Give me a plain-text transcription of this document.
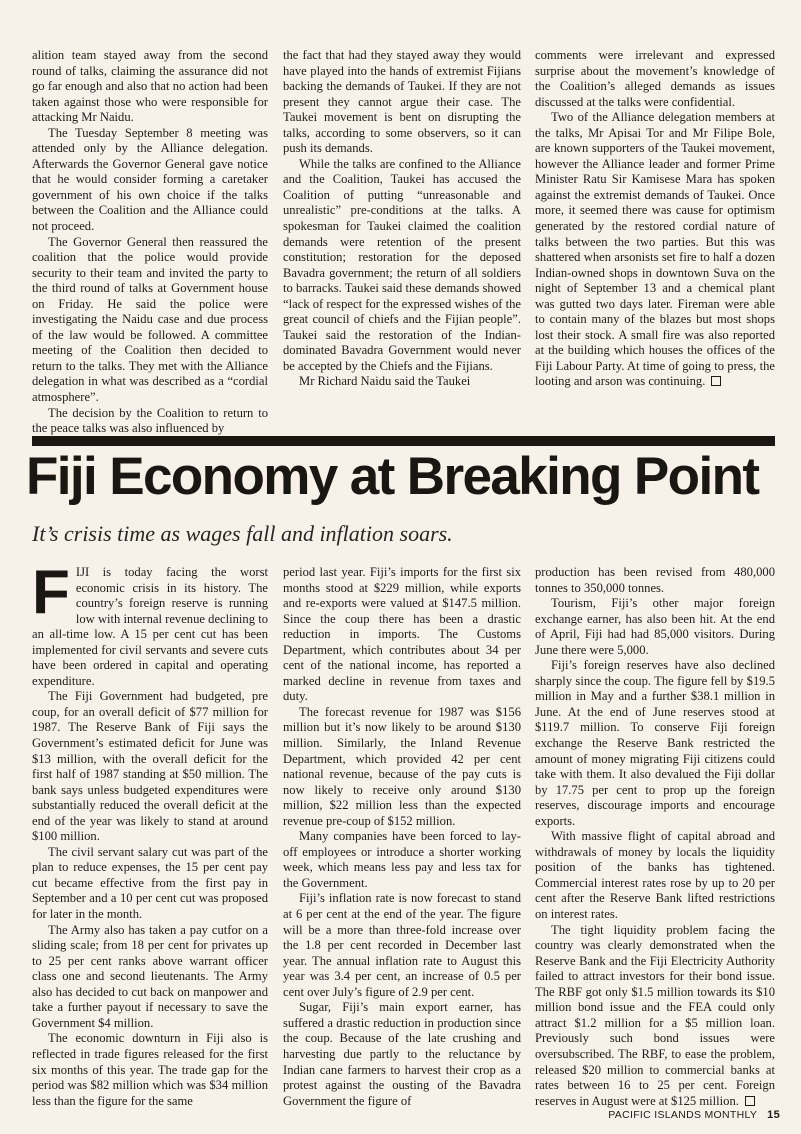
alition team stayed away from the second round of talks, claiming the assurance did not go far enough and also that no action had been taken against those who were responsible for attacking Mr Naidu.

The Tuesday September 8 meeting was attended only by the Alliance delegation. Afterwards the Governor General gave notice that he would consider forming a caretaker government of his own choice if the talks between the Coalition and the Alliance could not proceed.

The Governor General then reassured the coalition that the police would provide security to their team and invited the party to the third round of talks at Government house on Friday. He said the police were investigating the Naidu case and due process of the law would be followed. A committee meeting of the Coalition then decided to return to the talks. They met with the Alliance delegation in what was described as a “cordial atmosphere”.

The decision by the Coalition to return to the peace talks was also influenced by

the fact that had they stayed away they would have played into the hands of extremist Fijians backing the demands of Taukei. If they are not present they cannot argue their case. The Taukei movement is bent on disrupting the talks, according to some observers, so it can push its demands.

While the talks are confined to the Alliance and the Coalition, Taukei has accused the Coalition of putting “unreasonable and unrealistic” pre-conditions at the talks. A spokesman for Taukei claimed the coalition demands were retention of the present constitution; restoration for the deposed Bavadra government; the return of all soldiers to barracks. Taukei said these demands showed “lack of respect for the expressed wishes of the great council of chiefs and the Fijian people”. Taukei said the restoration of the Indian-dominated Bavadra Government would never be accepted by the Chiefs and the Fijians.

Mr Richard Naidu said the Taukei

comments were irrelevant and expressed surprise about the movement’s knowledge of the Coalition’s alleged demands as issues discussed at the talks were confidential.

Two of the Alliance delegation members at the talks, Mr Apisai Tor and Mr Filipe Bole, are known supporters of the Taukei movement, however the Alliance leader and former Prime Minister Ratu Sir Kamisese Mara has spoken against the extremist demands of Taukei. Once more, it seemed there was cause for optimism generated by the restored cordial nature of talks between the two parties. But this was shattered when arsonists set fire to half a dozen Indian-owned shops in downtown Suva on the night of September 13 and a chemical plant was gutted two days later. Fireman were able to contain many of the blazes but most shops lost their stock. A small fire was also reported at the building which houses the offices of the Fiji Labour Party. At time of going to press, the looting and arson was continuing.

Fiji Economy at Breaking Point
It’s crisis time as wages fall and inflation soars.

FIJI is today facing the worst economic crisis in its history. The country’s foreign reserve is running low with internal revenue declining to an all-time low. A 15 per cent cut has been implemented for civil servants and severe cuts have been ordered in capital and operating expenditure.

The Fiji Government had budgeted, pre coup, for an overall deficit of $77 million for 1987. The Reserve Bank of Fiji says the Government’s estimated deficit for June was $13 million, with the overall deficit for the first half of 1987 standing at $50 million. The bank says unless budgeted expenditures were substantially reduced the overall deficit at the end of the year was likely to stand at around $100 million.

The civil servant salary cut was part of the plan to reduce expenses, the 15 per cent pay cut became effective from the first pay in September and a 10 per cent cut was proposed for later in the month.

The Army also has taken a pay cutfor on a sliding scale; from 18 per cent for privates up to 25 per cent ranks above warrant officer class one and second lieutenants. The Army also has decided to cut back on manpower and take a further payout if necessary to save the Government $4 million.

The economic downturn in Fiji also is reflected in trade figures released for the first six months of this year. The trade gap for the period was $82 million which was $34 million less than the figure for the same

period last year. Fiji’s imports for the first six months stood at $229 million, while exports and re-exports were valued at $147.5 million. Since the coup there has been a drastic reduction in imports. The Customs Department, which contributes about 34 per cent of the national income, has reported a marked decline in revenue from taxes and duty.

The forecast revenue for 1987 was $156 million but it’s now likely to be around $130 million. Similarly, the Inland Revenue Department, which provided 42 per cent national revenue, because of the pay cuts is now likely to receive only around $130 million, $22 million less than the expected revenue pre-coup of $152 million.

Many companies have been forced to lay-off employees or introduce a shorter working week, which means less pay and less tax for the Government.

Fiji’s inflation rate is now forecast to stand at 6 per cent at the end of the year. The figure will be a more than three-fold increase over the 1.8 per cent recorded in December last year. The annual inflation rate to August this year was 3.4 per cent, an increase of 0.5 per cent over July’s figure of 2.9 per cent.

Sugar, Fiji’s main export earner, has suffered a drastic reduction in production since the coup. Because of the late crushing and harvesting due partly to the reluctance by Indian cane farmers to harvest their crop as a protest against the ousting of the Bavadra Government the figure of

production has been revised from 480,000 tonnes to 350,000 tonnes.

Tourism, Fiji’s other major foreign exchange earner, has also been hit. At the end of April, Fiji had had 85,000 visitors. During June there were 5,000.

Fiji’s foreign reserves have also declined sharply since the coup. The figure fell by $19.5 million in May and a further $38.1 million in June. At the end of June reserves stood at $119.7 million. To conserve Fiji foreign exchange the Reserve Bank restricted the amount of money migrating Fiji citizens could take with them. It also devalued the Fiji dollar by 17.75 per cent to prop up the foreign reserves, discourage imports and encourage exports.

With massive flight of capital abroad and withdrawals of money by locals the liquidity position of the banks has tightened. Commercial interest rates rose by up to 20 per cent after the Reserve Bank lifted restrictions on interest rates.

The tight liquidity problem facing the country was clearly demonstrated when the Reserve Bank and the Fiji Electricity Authority failed to attract investors for their bond issue. The RBF got only $1.5 million towards its $10 million bond issue and the FEA could only attract $1.2 million for a $5 million loan. Previously such bond issues were oversubscribed. The RBF, to ease the problem, released $20 million to commercial banks at rates between 16 to 25 per cent. Foreign reserves in August were at $125 million.

PACIFIC ISLANDS MONTHLY 15
